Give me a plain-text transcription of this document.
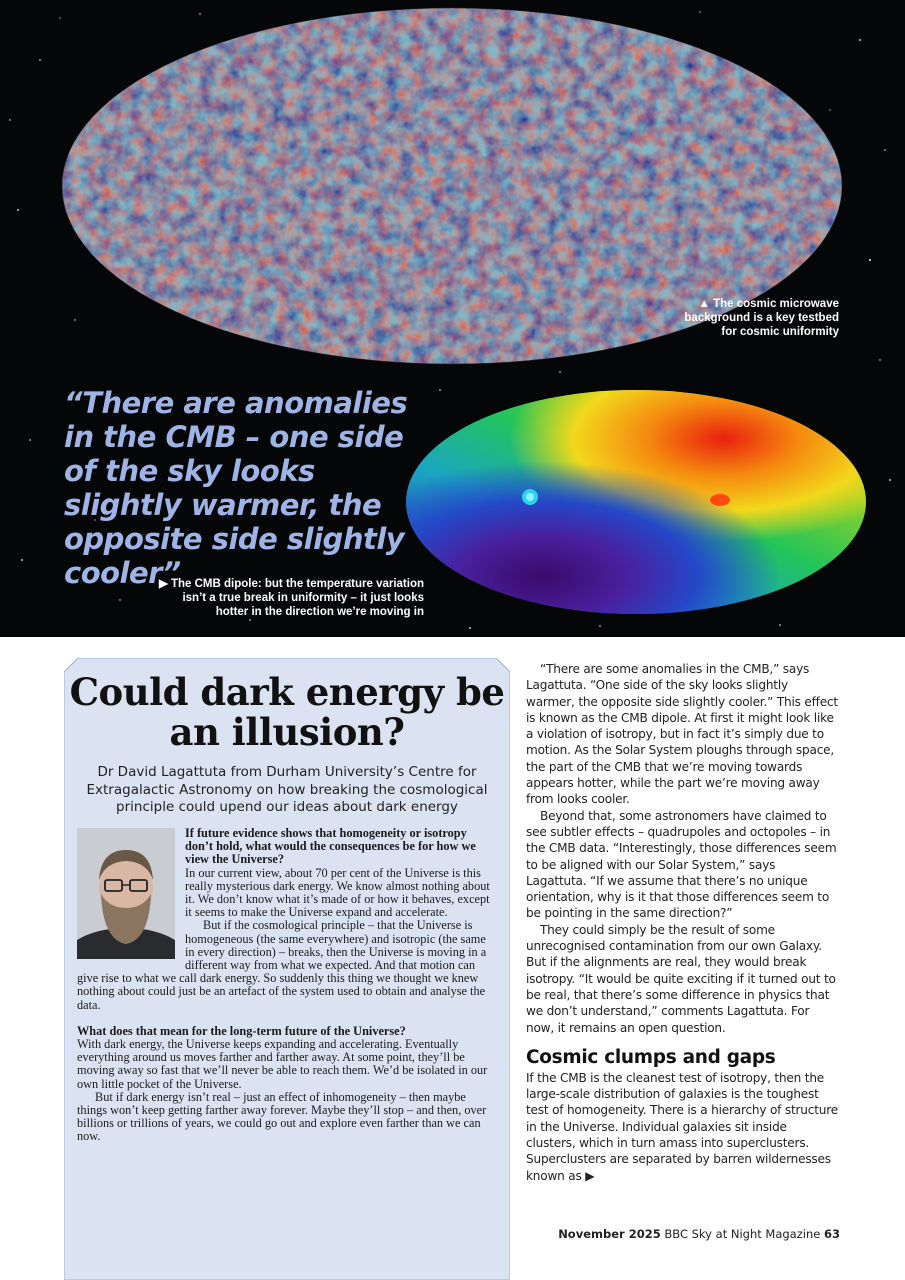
▲ The cosmic microwave background is a key testbed for cosmic uniformity
“There are anomalies in the CMB – one side of the sky looks slightly warmer, the opposite side slightly cooler”
▶ The CMB dipole: but the temperature variation isn’t a true break in uniformity – it just looks hotter in the direction we’re moving in
Could dark energy be an illusion?
Dr David Lagattuta from Durham University’s Centre for Extragalactic Astronomy on how breaking the cosmological principle could upend our ideas about dark energy

If future evidence shows that homogeneity or isotropy don’t hold, what would the consequences be for how we view the Universe?

In our current view, about 70 per cent of the Universe is this really mysterious dark energy. We know almost nothing about it. We don’t know what it’s made of or how it behaves, except it seems to make the Universe expand and accelerate.

But if the cosmological principle – that the Universe is homogeneous (the same everywhere) and isotropic (the same in every direction) – breaks, then the Universe is moving in a different way from what we expected. And that motion can give rise to what we call dark energy. So suddenly this thing we thought we knew nothing about could just be an artefact of the system used to obtain and analyse the data.

What does that mean for the long-term future of the Universe?

With dark energy, the Universe keeps expanding and accelerating. Eventually everything around us moves farther and farther away. At some point, they’ll be moving away so fast that we’ll never be able to reach them. We’d be isolated in our own little pocket of the Universe.

But if dark energy isn’t real – just an effect of inhomogeneity – then maybe things won’t keep getting farther away forever. Maybe they’ll stop – and then, over billions or trillions of years, we could go out and explore even farther than we can now.

“There are some anomalies in the CMB,” says Lagattuta. “One side of the sky looks slightly warmer, the opposite side slightly cooler.” This effect is known as the CMB dipole. At first it might look like a violation of isotropy, but in fact it’s simply due to motion. As the Solar System ploughs through space, the part of the CMB that we’re moving towards appears hotter, while the part we’re moving away from looks cooler.

Beyond that, some astronomers have claimed to see subtler effects – quadrupoles and octopoles – in the CMB data. “Interestingly, those differences seem to be aligned with our Solar System,” says Lagattuta. “If we assume that there’s no unique orientation, why is it that those differences seem to be pointing in the same direction?”

They could simply be the result of some unrecognised contamination from our own Galaxy. But if the alignments are real, they would break isotropy. “It would be quite exciting if it turned out to be real, that there’s some difference in physics that we don’t understand,” comments Lagattuta. For now, it remains an open question.

Cosmic clumps and gaps

If the CMB is the cleanest test of isotropy, then the large-scale distribution of galaxies is the toughest test of homogeneity. There is a hierarchy of structure in the Universe. Individual galaxies sit inside clusters, which in turn amass into superclusters. Superclusters are separated by barren wildernesses known as ▶

November 2025 BBC Sky at Night Magazine 63
